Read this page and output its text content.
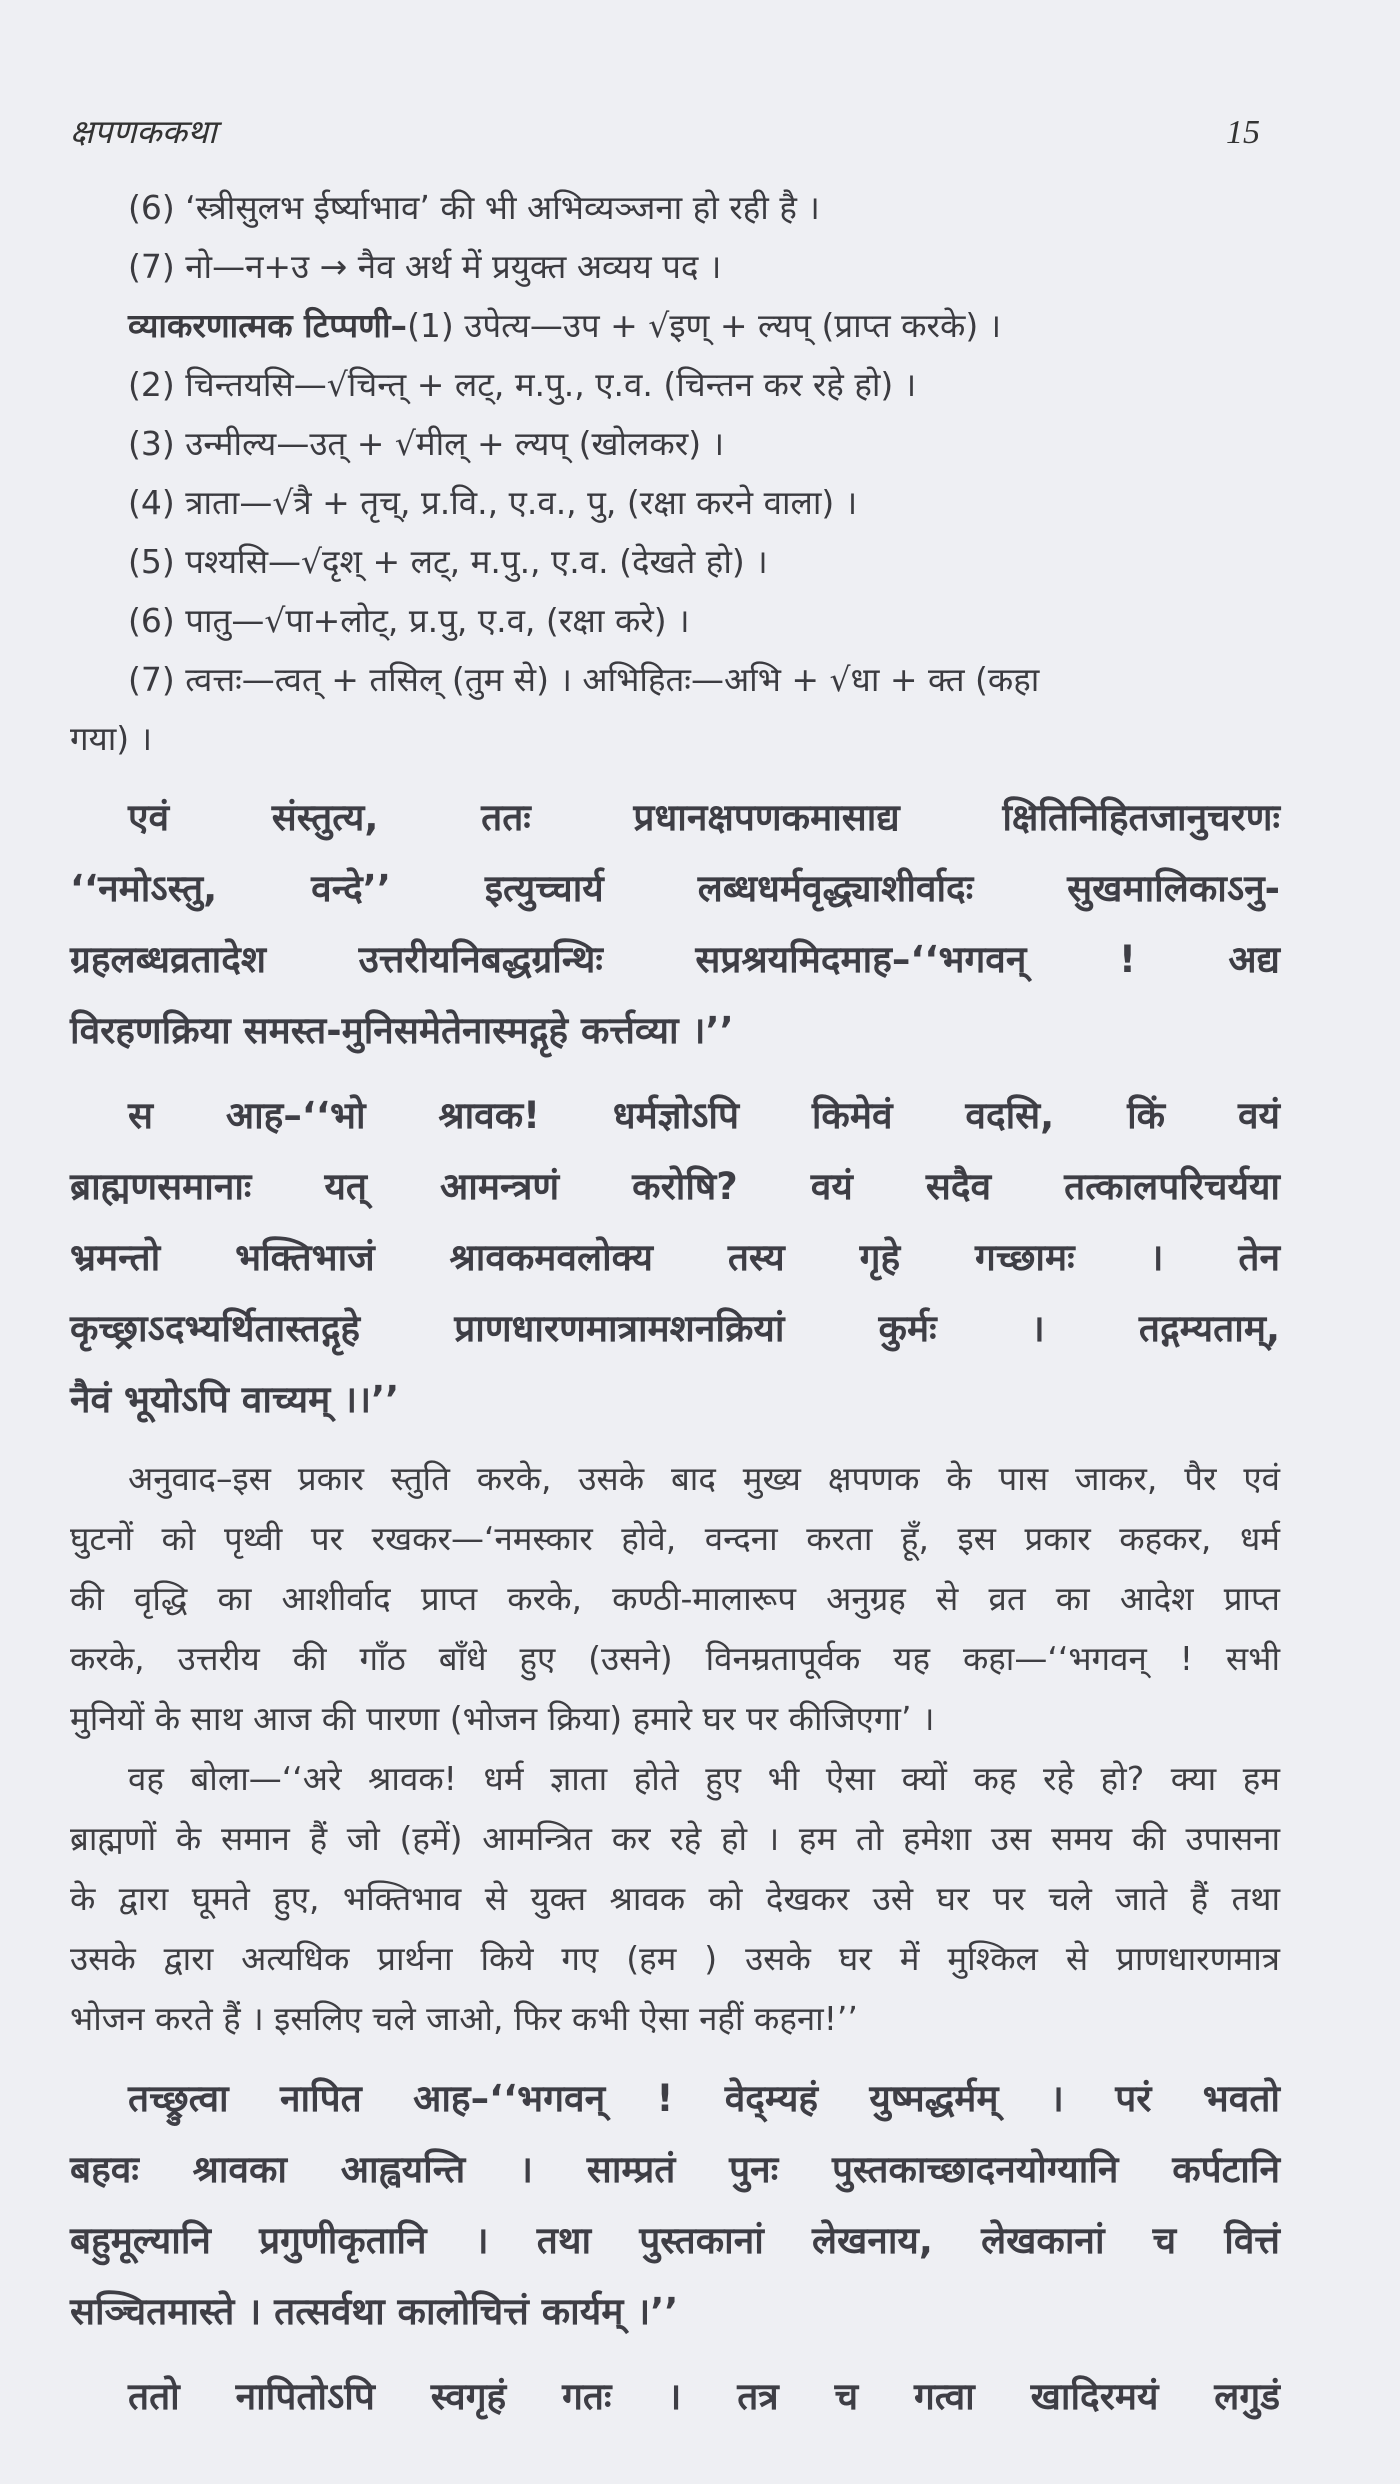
क्षपणककथा	15
(6) ‘स्त्रीसुलभ ईर्ष्याभाव’ की भी अभिव्यञ्जना हो रही है ।
(7) नो—न+उ → नैव अर्थ में प्रयुक्त अव्यय पद ।
व्याकरणात्मक टिप्पणी–(1) उपेत्य—उप + √इण् + ल्यप् (प्राप्त करके) ।
(2) चिन्तयसि—√चिन्त् + लट्, म.पु., ए.व. (चिन्तन कर रहे हो) ।
(3) उन्मील्य—उत् + √मील् + ल्यप् (खोलकर) ।
(4) त्राता—√त्रै + तृच्, प्र.वि., ए.व., पु, (रक्षा करने वाला) ।
(5) पश्यसि—√दृश् + लट्, म.पु., ए.व. (देखते हो) ।
(6) पातु—√पा+लोट्, प्र.पु, ए.व, (रक्षा करे) ।
(7) त्वत्तः—त्वत् + तसिल् (तुम से) । अभिहितः—अभि + √धा + क्त (कहा
गया) ।
एवं संस्तुत्य, ततः प्रधानक्षपणकमासाद्य क्षितिनिहितजानुचरणः
‘‘नमोऽस्तु, वन्दे’’ इत्युच्चार्य लब्धधर्मवृद्ध्याशीर्वादः सुखमालिकाऽनु-
ग्रहलब्धव्रतादेश उत्तरीयनिबद्धग्रन्थिः सप्रश्रयमिदमाह–‘‘भगवन् ! अद्य
विरहणक्रिया समस्त-मुनिसमेतेनास्मद्गृहे कर्त्तव्या ।’’
स आह–‘‘भो श्रावक! धर्मज्ञोऽपि किमेवं वदसि, किं वयं
ब्राह्मणसमानाः यत् आमन्त्रणं करोषि? वयं सदैव तत्कालपरिचर्यया
भ्रमन्तो भक्तिभाजं श्रावकमवलोक्य तस्य गृहे गच्छामः । तेन
कृच्छ्राऽदभ्यर्थितास्तद्गृहे प्राणधारणमात्रामशनक्रियां कुर्मः । तद्गम्यताम्,
नैवं भूयोऽपि वाच्यम् ।।’’
अनुवाद–इस प्रकार स्तुति करके, उसके बाद मुख्य क्षपणक के पास जाकर, पैर एवं
घुटनों को पृथ्वी पर रखकर—‘नमस्कार होवे, वन्दना करता हूँ, इस प्रकार कहकर, धर्म
की वृद्धि का आशीर्वाद प्राप्त करके, कण्ठी-मालारूप अनुग्रह से व्रत का आदेश प्राप्त
करके, उत्तरीय की गाँठ बाँधे हुए (उसने) विनम्रतापूर्वक यह कहा—‘‘भगवन् ! सभी
मुनियों के साथ आज की पारणा (भोजन क्रिया) हमारे घर पर कीजिएगा’ ।
वह बोला—‘‘अरे श्रावक! धर्म ज्ञाता होते हुए भी ऐसा क्यों कह रहे हो? क्या हम
ब्राह्मणों के समान हैं जो (हमें) आमन्त्रित कर रहे हो । हम तो हमेशा उस समय की उपासना
के द्वारा घूमते हुए, भक्तिभाव से युक्त श्रावक को देखकर उसे घर पर चले जाते हैं तथा
उसके द्वारा अत्यधिक प्रार्थना किये गए (हम ) उसके घर में मुश्किल से प्राणधारणमात्र
भोजन करते हैं । इसलिए चले जाओ, फिर कभी ऐसा नहीं कहना!’’
तच्छ्रुत्वा नापित आह–‘‘भगवन् ! वेद्म्यहं युष्मद्धर्मम् । परं भवतो
बहवः श्रावका आह्वयन्ति । साम्प्रतं पुनः पुस्तकाच्छादनयोग्यानि कर्पटानि
बहुमूल्यानि प्रगुणीकृतानि । तथा पुस्तकानां लेखनाय, लेखकानां च वित्तं
सञ्चितमास्ते । तत्सर्वथा कालोचित्तं कार्यम् ।’’
ततो नापितोऽपि स्वगृहं गतः । तत्र च गत्वा खादिरमयं लगुडं
